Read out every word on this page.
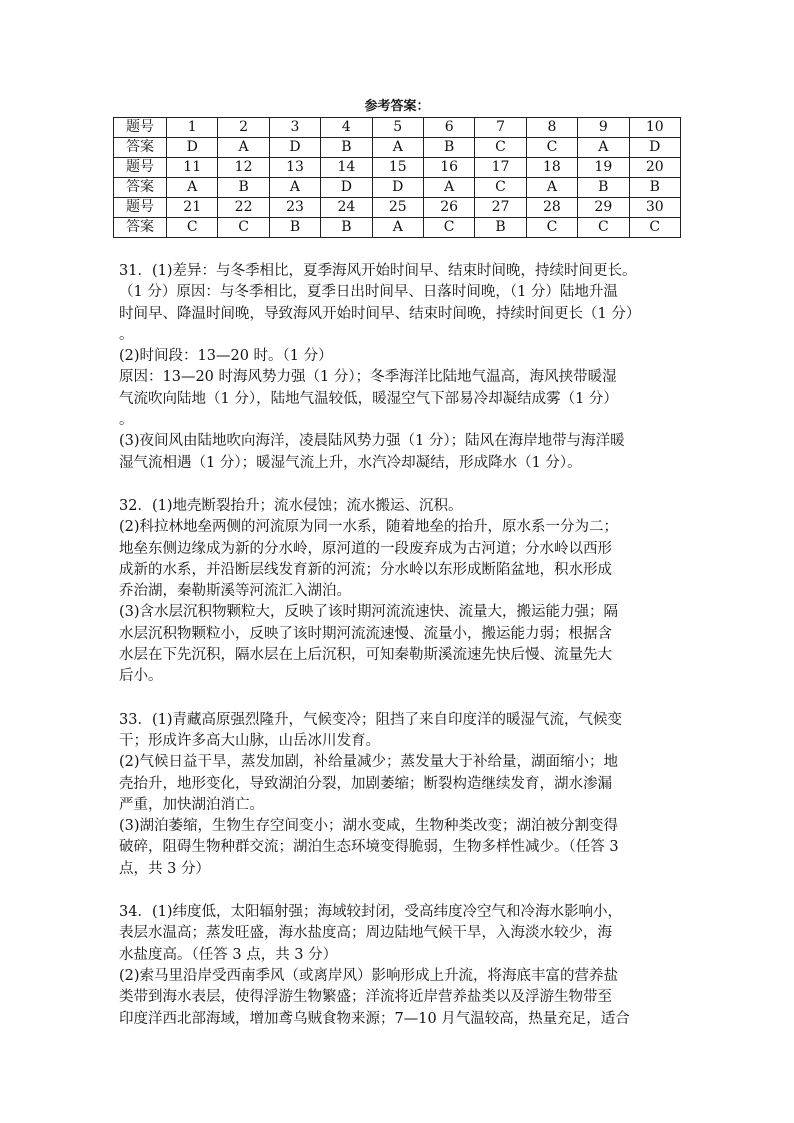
参考答案：
题号	1	2	3	4	5	6	7	8	9	10
答案	D	A	D	B	A	B	C	C	A	D
题号	11	12	13	14	15	16	17	18	19	20
答案	A	B	A	D	D	A	C	A	B	B
题号	21	22	23	24	25	26	27	28	29	30
答案	C	C	B	B	A	C	B	C	C	C
31．(1)差异：与冬季相比，夏季海风开始时间早、结束时间晚，持续时间更长。
（1 分）原因：与冬季相比，夏季日出时间早、日落时间晚，（1 分）陆地升温
时间早、降温时间晚，导致海风开始时间早、结束时间晚，持续时间更长（1 分）
。
(2)时间段：13—20 时。（1 分）
原因：13—20 时海风势力强（1 分）；冬季海洋比陆地气温高，海风挟带暖湿
气流吹向陆地（1 分），陆地气温较低，暖湿空气下部易冷却凝结成雾（1 分）
。
(3)夜间风由陆地吹向海洋，凌晨陆风势力强（1 分）；陆风在海岸地带与海洋暖
湿气流相遇（1 分）；暖湿气流上升，水汽冷却凝结，形成降水（1 分）。
32．(1)地壳断裂抬升；流水侵蚀；流水搬运、沉积。
(2)科拉林地垒两侧的河流原为同一水系，随着地垒的抬升，原水系一分为二；
地垒东侧边缘成为新的分水岭，原河道的一段废弃成为古河道；分水岭以西形
成新的水系，并沿断层线发育新的河流；分水岭以东形成断陷盆地，积水形成
乔治湖，秦勒斯溪等河流汇入湖泊。
(3)含水层沉积物颗粒大，反映了该时期河流流速快、流量大，搬运能力强；隔
水层沉积物颗粒小，反映了该时期河流流速慢、流量小，搬运能力弱；根据含
水层在下先沉积，隔水层在上后沉积，可知秦勒斯溪流速先快后慢、流量先大
后小。
33．(1)青藏高原强烈隆升，气候变冷；阻挡了来自印度洋的暖湿气流，气候变
干；形成许多高大山脉，山岳冰川发育。
(2)气候日益干旱，蒸发加剧，补给量减少；蒸发量大于补给量，湖面缩小；地
壳抬升，地形变化，导致湖泊分裂，加剧萎缩；断裂构造继续发育，湖水渗漏
严重，加快湖泊消亡。
(3)湖泊萎缩，生物生存空间变小；湖水变咸，生物种类改变；湖泊被分割变得
破碎，阻碍生物种群交流；湖泊生态环境变得脆弱，生物多样性减少。（任答 3
点，共 3 分）
34．(1)纬度低，太阳辐射强；海域较封闭，受高纬度冷空气和冷海水影响小，
表层水温高；蒸发旺盛，海水盐度高；周边陆地气候干旱，入海淡水较少，海
水盐度高。（任答 3 点，共 3 分）
(2)索马里沿岸受西南季风（或离岸风）影响形成上升流，将海底丰富的营养盐
类带到海水表层，使得浮游生物繁盛；洋流将近岸营养盐类以及浮游生物带至
印度洋西北部海域，增加鸢乌贼食物来源；7—10 月气温较高，热量充足，适合
